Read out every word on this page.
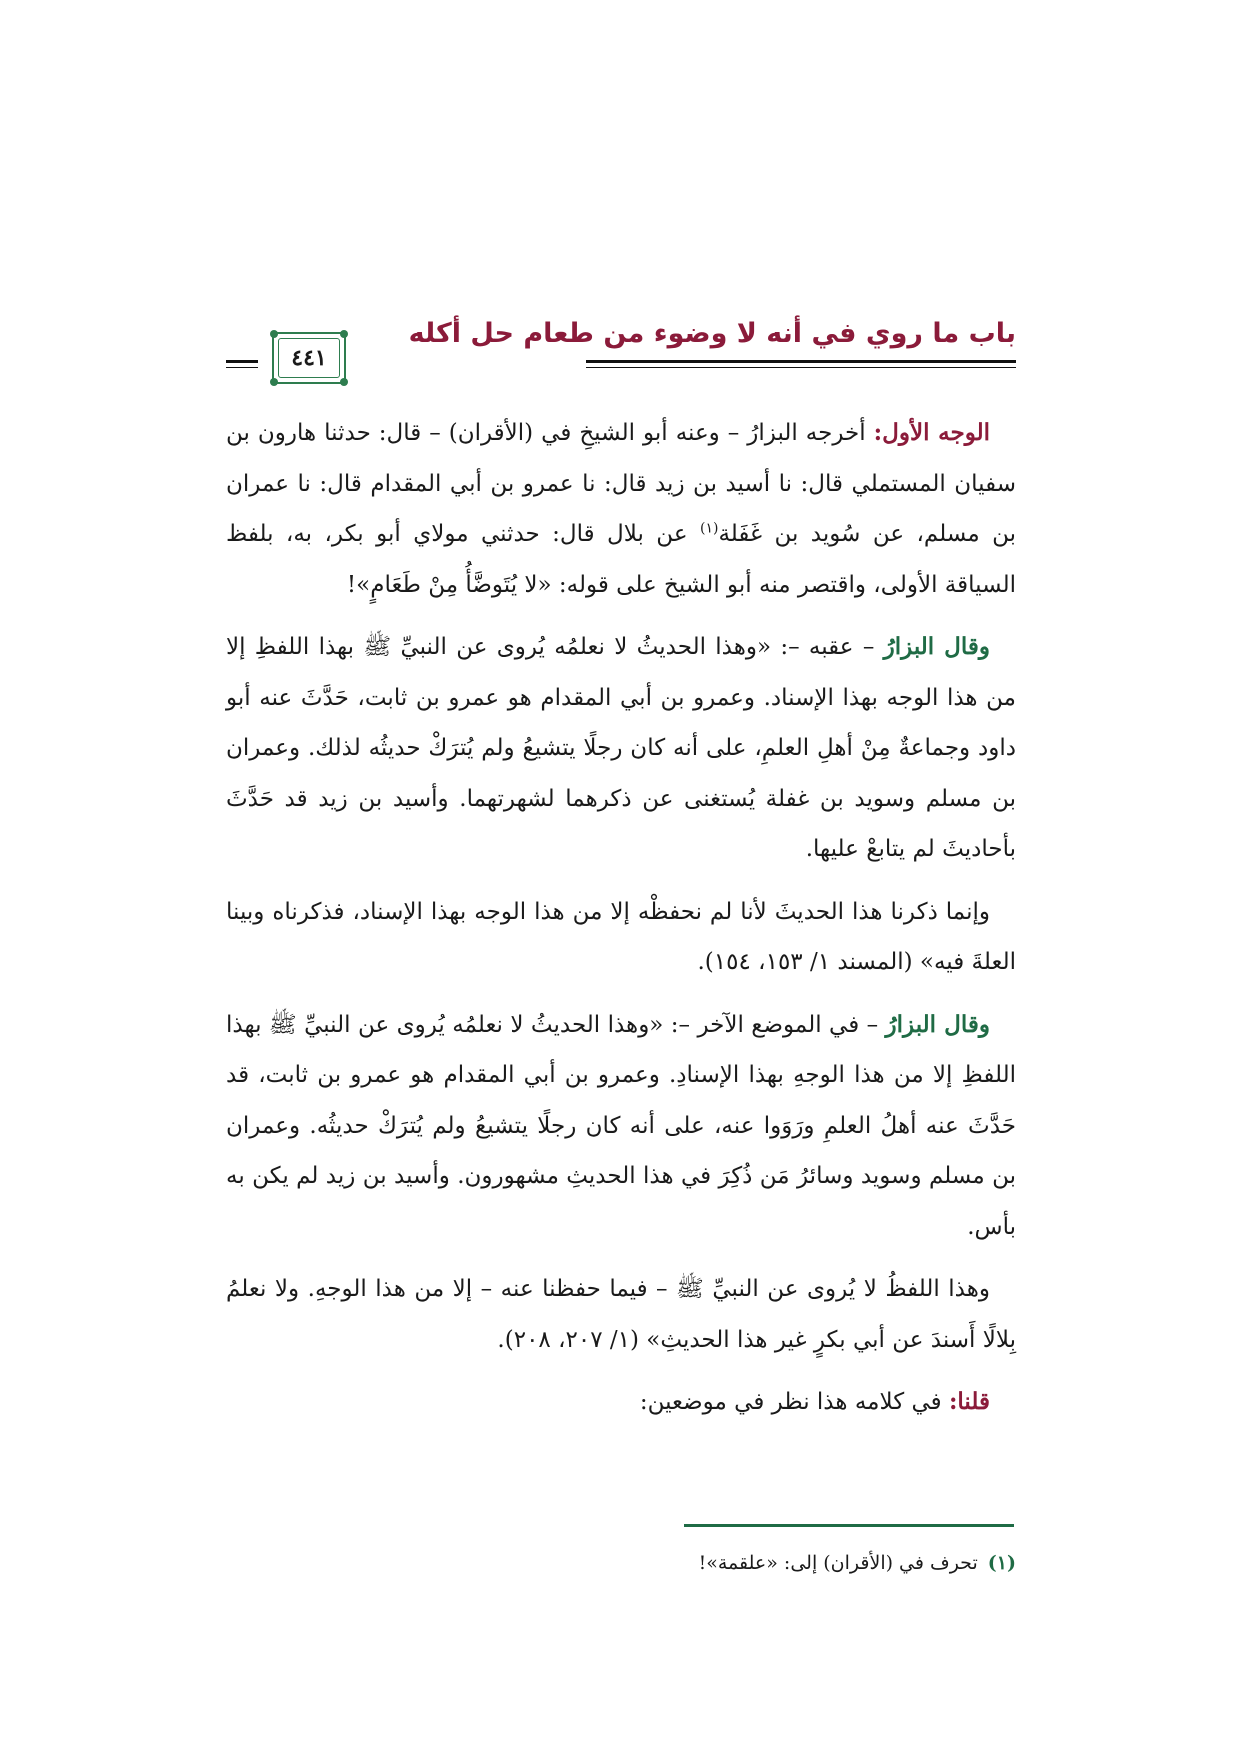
باب ما روي في أنه لا وضوء من طعام حل أكله
٤٤١

الوجه الأول: أخرجه البزارُ – وعنه أبو الشيخِ في (الأقران) – قال: حدثنا هارون بن سفيان المستملي قال: نا أسيد بن زيد قال: نا عمرو بن أبي المقدام قال: نا عمران بن مسلم، عن سُويد بن غَفَلة$^{(١)}$ عن بلال قال: حدثني مولاي أبو بكر، به، بلفظ السياقة الأولى، واقتصر منه أبو الشيخ على قوله: «لا يُتَوضَّأُ مِنْ طَعَامٍ»!

وقال البزارُ – عقبه –: «وهذا الحديثُ لا نعلمُه يُروى عن النبيِّ ﷺ بهذا اللفظِ إلا من هذا الوجه بهذا الإسناد. وعمرو بن أبي المقدام هو عمرو بن ثابت، حَدَّثَ عنه أبو داود وجماعةٌ مِنْ أهلِ العلمِ، على أنه كان رجلًا يتشيعُ ولم يُترَكْ حديثُه لذلك. وعمران بن مسلم وسويد بن غفلة يُستغنى عن ذكرهما لشهرتهما. وأسيد بن زيد قد حَدَّثَ بأحاديثَ لم يتابعْ عليها.

وإنما ذكرنا هذا الحديثَ لأنا لم نحفظْه إلا من هذا الوجه بهذا الإسناد، فذكرناه وبينا العلةَ فيه» (المسند ١/ ١٥٣، ١٥٤).

وقال البزارُ – في الموضع الآخر –: «وهذا الحديثُ لا نعلمُه يُروى عن النبيِّ ﷺ بهذا اللفظِ إلا من هذا الوجهِ بهذا الإسنادِ. وعمرو بن أبي المقدام هو عمرو بن ثابت، قد حَدَّثَ عنه أهلُ العلمِ ورَوَوا عنه، على أنه كان رجلًا يتشيعُ ولم يُترَكْ حديثُه. وعمران بن مسلم وسويد وسائرُ مَن ذُكِرَ في هذا الحديثِ مشهورون. وأسيد بن زيد لم يكن به بأس.

وهذا اللفظُ لا يُروى عن النبيِّ ﷺ – فيما حفظنا عنه – إلا من هذا الوجهِ. ولا نعلمُ بِلالًا أَسندَ عن أبي بكرٍ غير هذا الحديثِ» (١/ ٢٠٧، ٢٠٨).

قلنا: في كلامه هذا نظر في موضعين:

(١) تحرف في (الأقران) إلى: «علقمة»!
